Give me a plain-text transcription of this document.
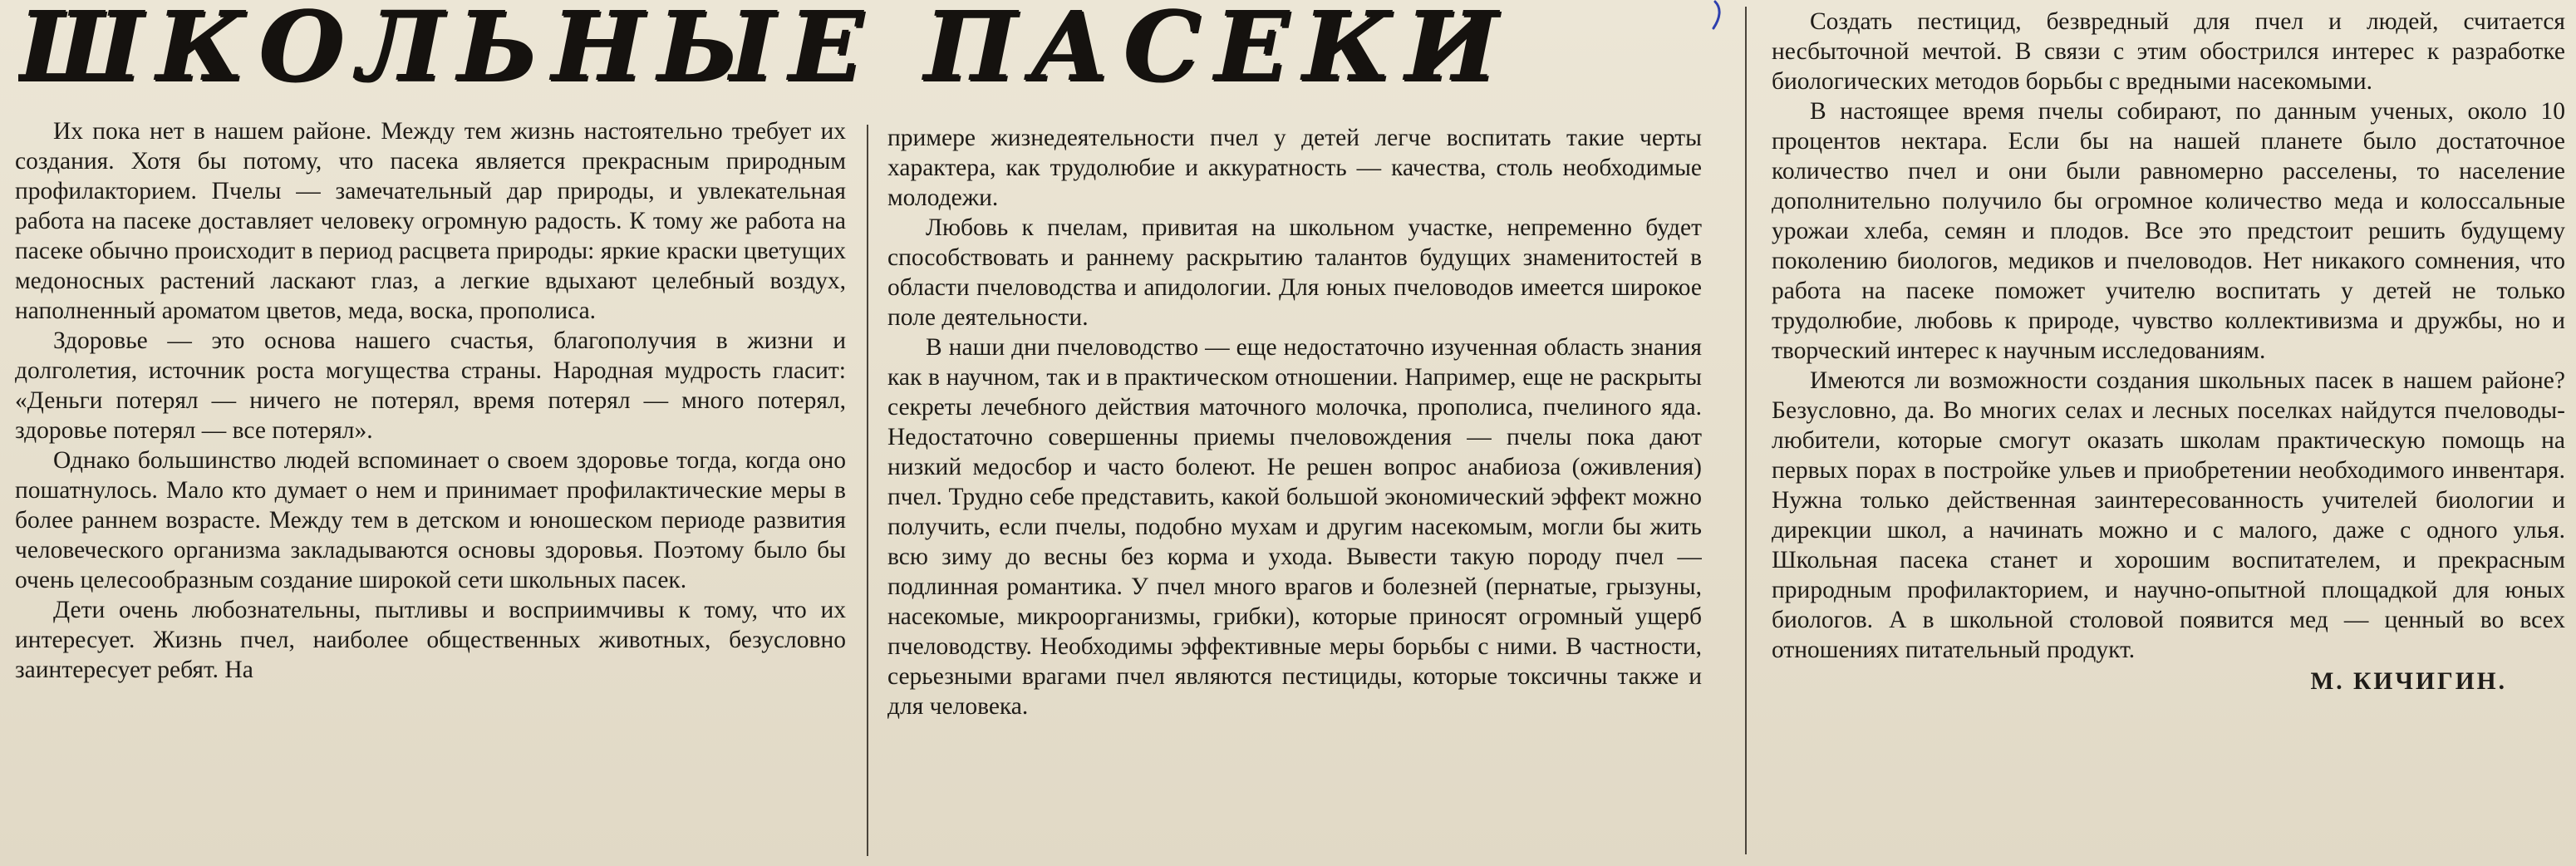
ШКОЛЬНЫЕ ПАСЕКИ

Их пока нет в нашем районе. Между тем жизнь настоятельно требует их создания. Хотя бы потому, что пасека является прекрасным природным профилакторием. Пчелы — замечательный дар природы, и увлекательная работа на пасеке доставляет человеку огромную радость. К тому же работа на пасеке обычно происходит в период расцвета природы: яркие краски цветущих медоносных растений ласкают глаз, а легкие вдыхают целебный воздух, наполненный ароматом цветов, меда, воска, прополиса.

Здоровье — это основа нашего счастья, благополучия в жизни и долголетия, источник роста могущества страны. Народная мудрость гласит: «Деньги потерял — ничего не потерял, время потерял — много потерял, здоровье потерял — все потерял».

Однако большинство людей вспоминает о своем здоровье тогда, когда оно пошатнулось. Мало кто думает о нем и принимает профилактические меры в более раннем возрасте. Между тем в детском и юношеском периоде развития человеческого организма закладываются основы здоровья. Поэтому было бы очень целесообразным создание широкой сети школьных пасек.

Дети очень любознательны, пытливы и восприимчивы к тому, что их интересует. Жизнь пчел, наиболее общественных животных, безусловно заинтересует ребят. На

примере жизнедеятельности пчел у детей легче воспитать такие черты характера, как трудолюбие и аккуратность — качества, столь необходимые молодежи.

Любовь к пчелам, привитая на школьном участке, непременно будет способствовать и раннему раскрытию талантов будущих знаменитостей в области пчеловодства и апидологии. Для юных пчеловодов имеется широкое поле деятельности.

В наши дни пчеловодство — еще недостаточно изученная область знания как в научном, так и в практическом отношении. Например, еще не раскрыты секреты лечебного действия маточного молочка, прополиса, пчелиного яда. Недостаточно совершенны приемы пчеловождения — пчелы пока дают низкий медосбор и часто болеют. Не решен вопрос анабиоза (оживления) пчел. Трудно себе представить, какой большой экономический эффект можно получить, если пчелы, подобно мухам и другим насекомым, могли бы жить всю зиму до весны без корма и ухода. Вывести такую породу пчел — подлинная романтика. У пчел много врагов и болезней (пернатые, грызуны, насекомые, микроорганизмы, грибки), которые приносят огромный ущерб пчеловодству. Необходимы эффективные меры борьбы с ними. В частности, серьезными врагами пчел являются пестициды, которые токсичны также и для человека.

Создать пестицид, безвредный для пчел и людей, считается несбыточной мечтой. В связи с этим обострился интерес к разработке биологических методов борьбы с вредными насекомыми.

В настоящее время пчелы собирают, по данным ученых, около 10 процентов нектара. Если бы на нашей планете было достаточное количество пчел и они были равномерно расселены, то население дополнительно получило бы огромное количество меда и колоссальные урожаи хлеба, семян и плодов. Все это предстоит решить будущему поколению биологов, медиков и пчеловодов. Нет никакого сомнения, что работа на пасеке поможет учителю воспитать у детей не только трудолюбие, любовь к природе, чувство коллективизма и дружбы, но и творческий интерес к научным исследованиям.

Имеются ли возможности создания школьных пасек в нашем районе? Безусловно, да. Во многих селах и лесных поселках найдутся пчеловоды-любители, которые смогут оказать школам практическую помощь на первых порах в постройке ульев и приобретении необходимого инвентаря. Нужна только действенная заинтересованность учителей биологии и дирекции школ, а начинать можно и с малого, даже с одного улья. Школьная пасека станет и хорошим воспитателем, и прекрасным природным профилакторием, и научно-опытной площадкой для юных биологов. А в школьной столовой появится мед — ценный во всех отношениях питательный продукт.

М. КИЧИГИН.
